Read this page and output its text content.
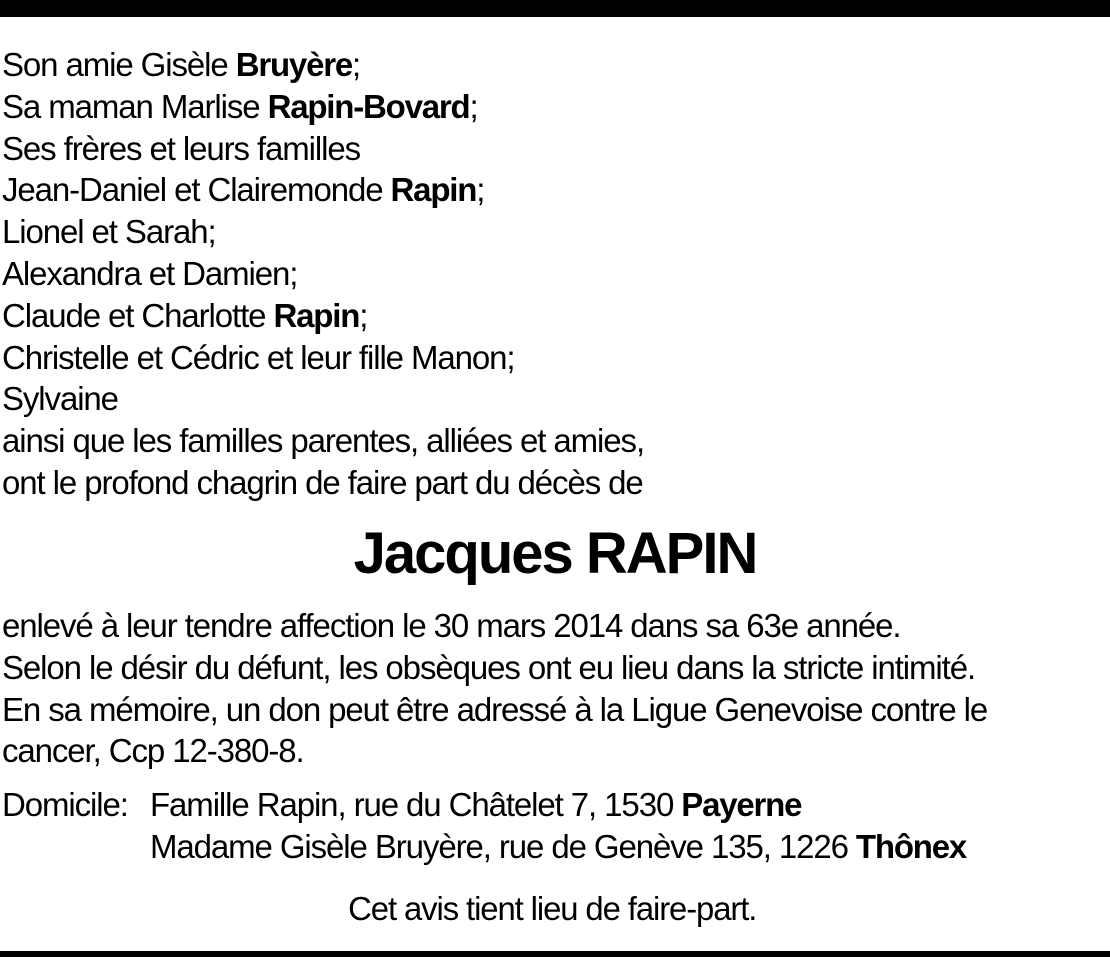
Son amie Gisèle Bruyère;
Sa maman Marlise Rapin-Bovard;
Ses frères et leurs familles
Jean-Daniel et Clairemonde Rapin;
Lionel et Sarah;
Alexandra et Damien;
Claude et Charlotte Rapin;
Christelle et Cédric et leur fille Manon;
Sylvaine
ainsi que les familles parentes, alliées et amies,
ont le profond chagrin de faire part du décès de
Jacques RAPIN
enlevé à leur tendre affection le 30 mars 2014 dans sa 63e année.
Selon le désir du défunt, les obsèques ont eu lieu dans la stricte intimité.
En sa mémoire, un don peut être adressé à la Ligue Genevoise contre le
cancer, Ccp 12-380-8.
Domicile: Famille Rapin, rue du Châtelet 7, 1530 Payerne
Madame Gisèle Bruyère, rue de Genève 135, 1226 Thônex
Cet avis tient lieu de faire-part.
